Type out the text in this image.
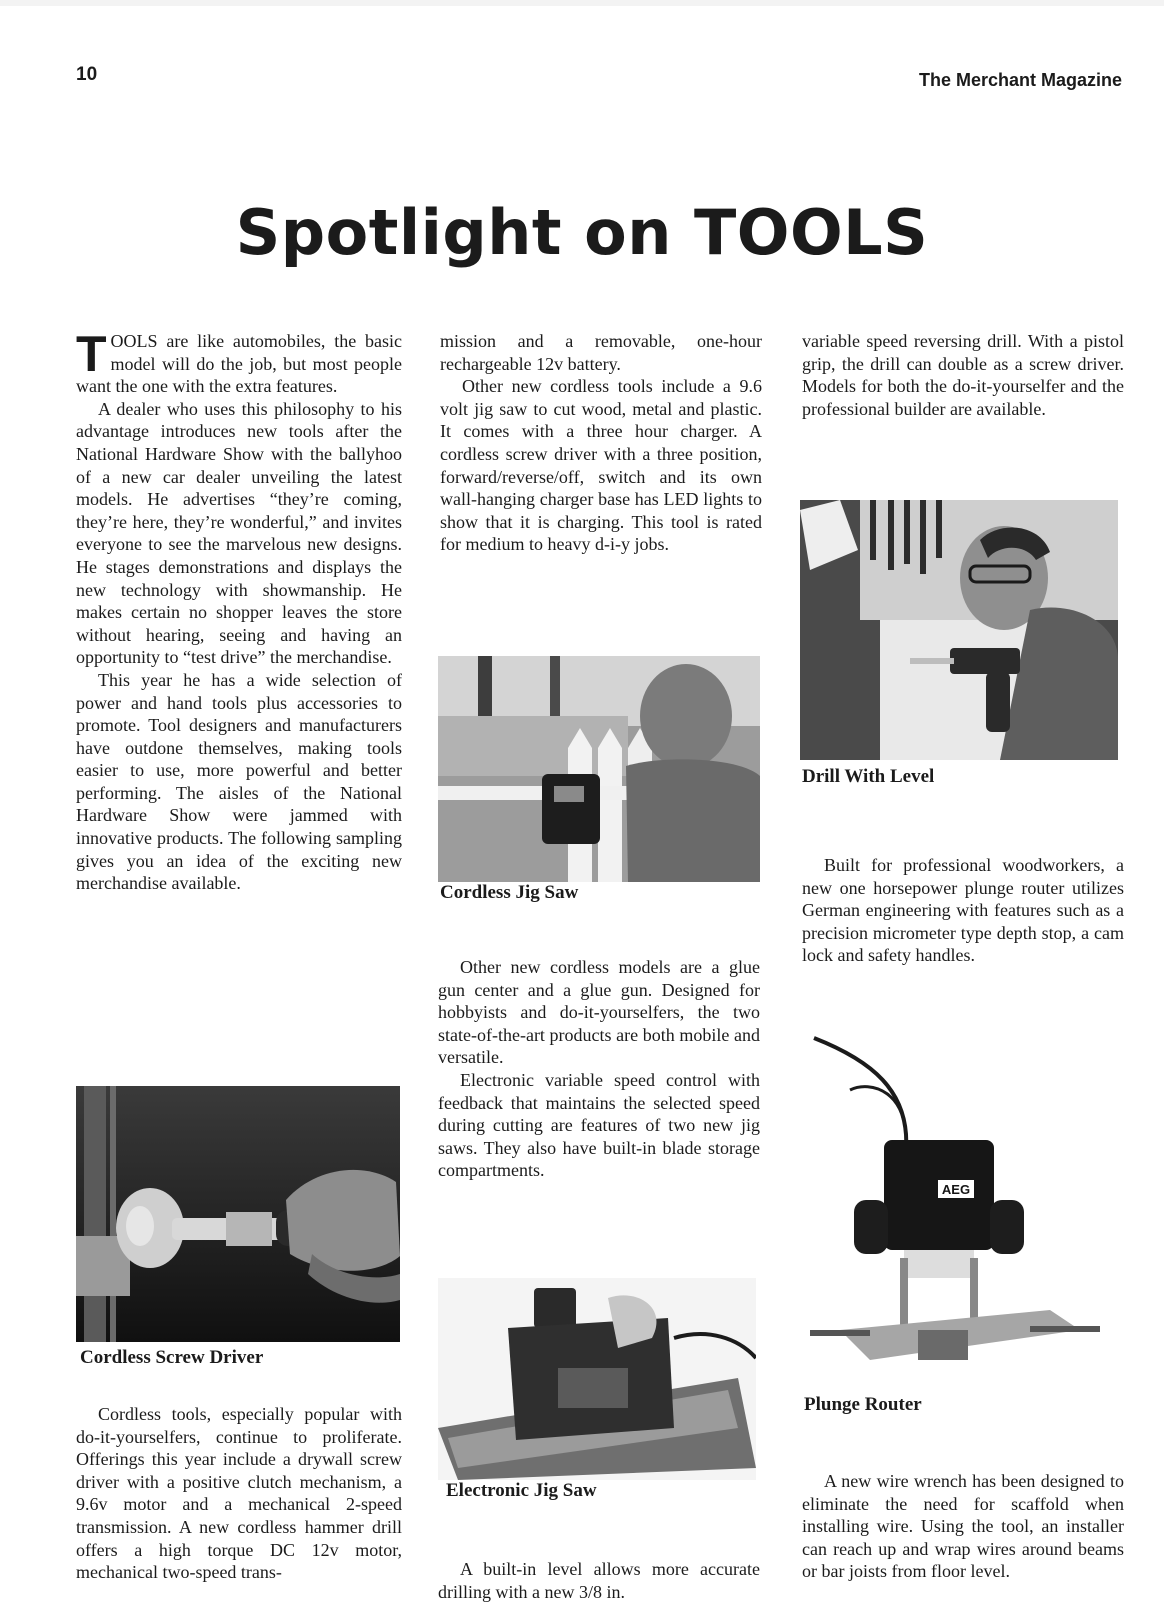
10	The Merchant Magazine
Spotlight on TOOLS

TOOLS are like automobiles, the basic model will do the job, but most people want the one with the extra features.

A dealer who uses this philosophy to his advantage introduces new tools after the National Hardware Show with the ballyhoo of a new car dealer unveiling the latest models. He advertises “they’re coming, they’re here, they’re wonderful,” and invites everyone to see the marvelous new designs. He stages demonstrations and displays the new technology with showmanship. He makes certain no shopper leaves the store without hearing, seeing and having an opportunity to “test drive” the merchandise.

This year he has a wide selection of power and hand tools plus accessories to promote. Tool designers and manufacturers have outdone themselves, making tools easier to use, more powerful and better performing. The aisles of the National Hardware Show were jammed with innovative products. The following sampling gives you an idea of the exciting new merchandise available.

Cordless Screw Driver

Cordless tools, especially popular with do-it-yourselfers, continue to proliferate. Offerings this year include a drywall screw driver with a positive clutch mechanism, a 9.6v motor and a mechanical 2-speed transmission. A new cordless hammer drill offers a high torque DC 12v motor, mechanical two-speed trans-

mission and a removable, one-hour rechargeable 12v battery.

Other new cordless tools include a 9.6 volt jig saw to cut wood, metal and plastic. It comes with a three hour charger. A cordless screw driver with a three position, forward/reverse/off, switch and its own wall-hanging charger base has LED lights to show that it is charging. This tool is rated for medium to heavy d-i-y jobs.

Cordless Jig Saw

Other new cordless models are a glue gun center and a glue gun. Designed for hobbyists and do-it-yourselfers, the two state-of-the-art products are both mobile and versatile.

Electronic variable speed control with feedback that maintains the selected speed during cutting are features of two new jig saws. They also have built-in blade storage compartments.

Electronic Jig Saw

A built-in level allows more accurate drilling with a new 3/8 in.

variable speed reversing drill. With a pistol grip, the drill can double as a screw driver. Models for both the do-it-yourselfer and the professional builder are available.

Drill With Level

Built for professional woodworkers, a new one horsepower plunge router utilizes German engineering with features such as a precision micrometer type depth stop, a cam lock and safety handles.

AEG
Plunge Router

A new wire wrench has been designed to eliminate the need for scaffold when installing wire. Using the tool, an installer can reach up and wrap wires around beams or bar joists from floor level.
